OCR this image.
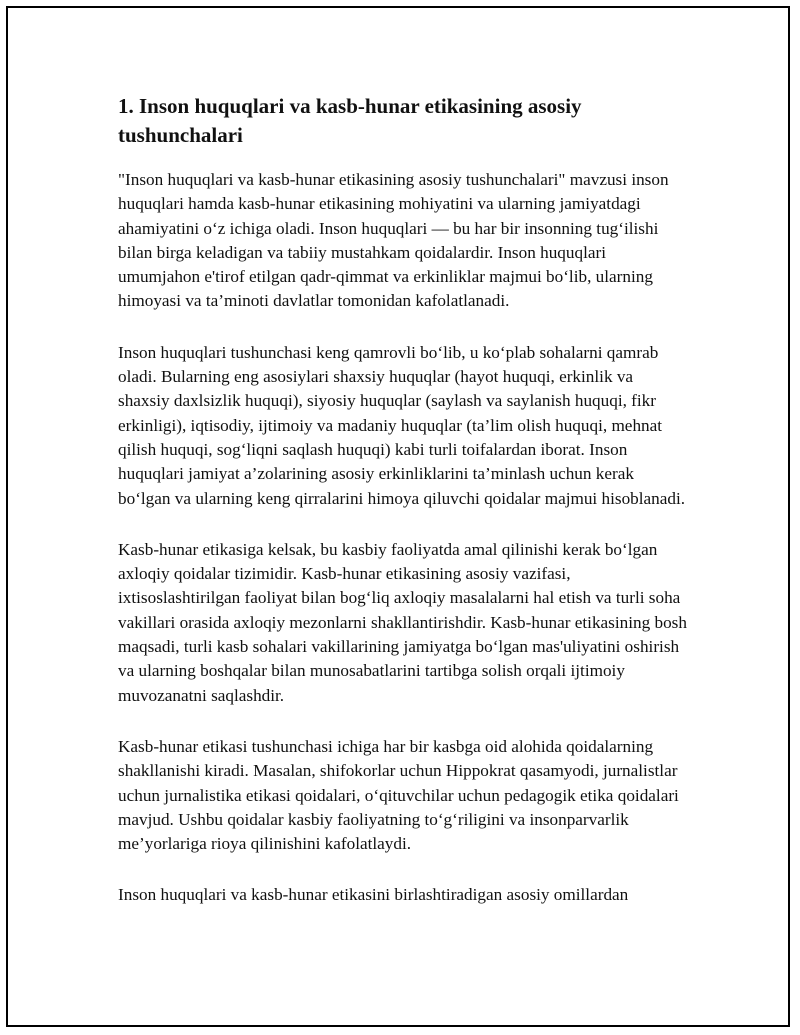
1. Inson huquqlari va kasb-hunar etikasining asosiy tushunchalari

"Inson huquqlari va kasb-hunar etikasining asosiy tushunchalari" mavzusi inson huquqlari hamda kasb-hunar etikasining mohiyatini va ularning jamiyatdagi ahamiyatini o‘z ichiga oladi. Inson huquqlari — bu har bir insonning tug‘ilishi bilan birga keladigan va tabiiy mustahkam qoidalardir. Inson huquqlari umumjahon e'tirof etilgan qadr-qimmat va erkinliklar majmui bo‘lib, ularning himoyasi va ta’minoti davlatlar tomonidan kafolatlanadi.

Inson huquqlari tushunchasi keng qamrovli bo‘lib, u ko‘plab sohalarni qamrab oladi. Bularning eng asosiylari shaxsiy huquqlar (hayot huquqi, erkinlik va shaxsiy daxlsizlik huquqi), siyosiy huquqlar (saylash va saylanish huquqi, fikr erkinligi), iqtisodiy, ijtimoiy va madaniy huquqlar (ta’lim olish huquqi, mehnat qilish huquqi, sog‘liqni saqlash huquqi) kabi turli toifalardan iborat. Inson huquqlari jamiyat a’zolarining asosiy erkinliklarini ta’minlash uchun kerak bo‘lgan va ularning keng qirralarini himoya qiluvchi qoidalar majmui hisoblanadi.

Kasb-hunar etikasiga kelsak, bu kasbiy faoliyatda amal qilinishi kerak bo‘lgan axloqiy qoidalar tizimidir. Kasb-hunar etikasining asosiy vazifasi, ixtisoslashtirilgan faoliyat bilan bog‘liq axloqiy masalalarni hal etish va turli soha vakillari orasida axloqiy mezonlarni shakllantirishdir. Kasb-hunar etikasining bosh maqsadi, turli kasb sohalari vakillarining jamiyatga bo‘lgan mas'uliyatini oshirish va ularning boshqalar bilan munosabatlarini tartibga solish orqali ijtimoiy muvozanatni saqlashdir.

Kasb-hunar etikasi tushunchasi ichiga har bir kasbga oid alohida qoidalarning shakllanishi kiradi. Masalan, shifokorlar uchun Hippokrat qasamyodi, jurnalistlar uchun jurnalistika etikasi qoidalari, o‘qituvchilar uchun pedagogik etika qoidalari mavjud. Ushbu qoidalar kasbiy faoliyatning to‘g‘riligini va insonparvarlik me’yorlariga rioya qilinishini kafolatlaydi.

Inson huquqlari va kasb-hunar etikasini birlashtiradigan asosiy omillardan
